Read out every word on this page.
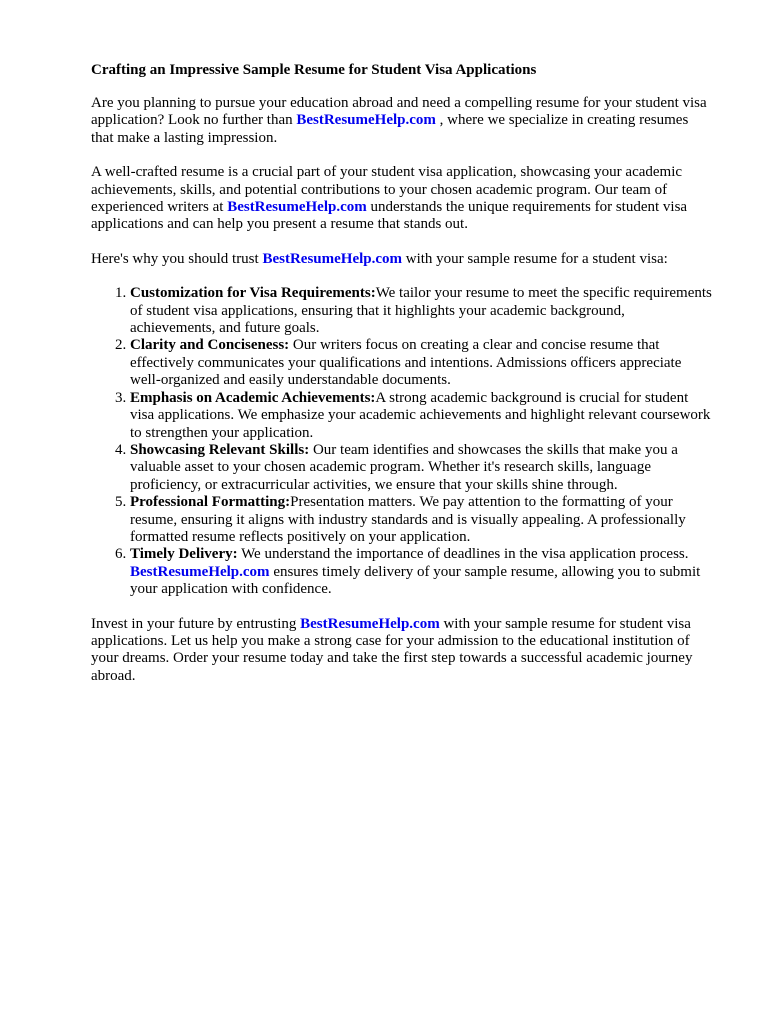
Crafting an Impressive Sample Resume for Student Visa Applications

Are you planning to pursue your education abroad and need a compelling resume for your student visa application? Look no further than BestResumeHelp.com , where we specialize in creating resumes that make a lasting impression.

A well-crafted resume is a crucial part of your student visa application, showcasing your academic achievements, skills, and potential contributions to your chosen academic program. Our team of experienced writers at BestResumeHelp.com understands the unique requirements for student visa applications and can help you present a resume that stands out.

Here's why you should trust BestResumeHelp.com with your sample resume for a student visa:

1. Customization for Visa Requirements:We tailor your resume to meet the specific requirements of student visa applications, ensuring that it highlights your academic background, achievements, and future goals.
2. Clarity and Conciseness: Our writers focus on creating a clear and concise resume that effectively communicates your qualifications and intentions. Admissions officers appreciate well-organized and easily understandable documents.
3. Emphasis on Academic Achievements:A strong academic background is crucial for student visa applications. We emphasize your academic achievements and highlight relevant coursework to strengthen your application.
4. Showcasing Relevant Skills: Our team identifies and showcases the skills that make you a valuable asset to your chosen academic program. Whether it's research skills, language proficiency, or extracurricular activities, we ensure that your skills shine through.
5. Professional Formatting:Presentation matters. We pay attention to the formatting of your resume, ensuring it aligns with industry standards and is visually appealing. A professionally formatted resume reflects positively on your application.
6. Timely Delivery: We understand the importance of deadlines in the visa application process. BestResumeHelp.com ensures timely delivery of your sample resume, allowing you to submit your application with confidence.

Invest in your future by entrusting BestResumeHelp.com with your sample resume for student visa applications. Let us help you make a strong case for your admission to the educational institution of your dreams. Order your resume today and take the first step towards a successful academic journey abroad.
